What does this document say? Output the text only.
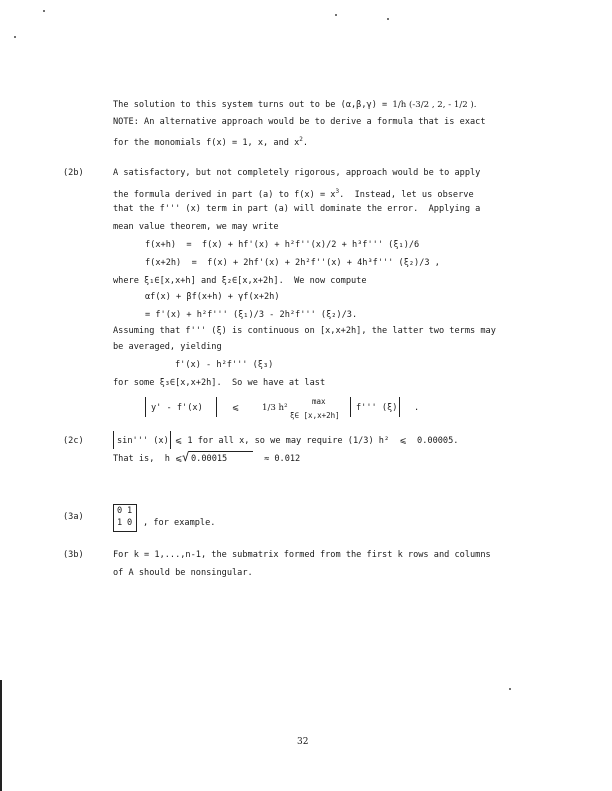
The solution to this system turns out to be (α,β,γ) = 1/h (-3/2 , 2, - 1/2 ).
NOTE: An alternative approach would be to derive a formula that is exact
for the monomials f(x) = 1, x, and $x^2$.
(2b)	A satisfactory, but not completely rigorous, approach would be to apply
the formula derived in part (a) to $f(x) = x^3$.  Instead, let us observe
that the f''' (x) term in part (a) will dominate the error.  Applying a
mean value theorem, we may write
f(x+h)  =  f(x) + hf'(x) + h²f''(x)/2 + h³f''' (ξ₁)/6
f(x+2h)  =  f(x) + 2hf'(x) + 2h²f''(x) + 4h³f''' (ξ₂)/3 ,
where ξ₁∈[x,x+h] and ξ₂∈[x,x+2h].  We now compute
αf(x) + βf(x+h) + γf(x+2h)
= f'(x) + h²f''' (ξ₁)/3 - 2h²f''' (ξ₂)/3.
Assuming that f''' (ξ) is continuous on [x,x+2h], the latter two terms may
be averaged, yielding
f'(x) - h²f''' (ξ₃)
for some ξ₃∈[x,x+2h].  So we have at last
y' - f'(x)	⩽	1/3 h²
max
ξ∈ [x,x+2h]
f''' (ξ) .
(2c)	sin''' (x) ⩽ 1 for all x, so we may require (1/3) h²  ⩽  0.00005.
That is,  h ⩽ √ 0.00015	≈ 0.012
(3a)
0 1
1 0 , for example.
(3b)	For k = 1,...,n-1, the submatrix formed from the first k rows and columns
of A should be nonsingular.
32
